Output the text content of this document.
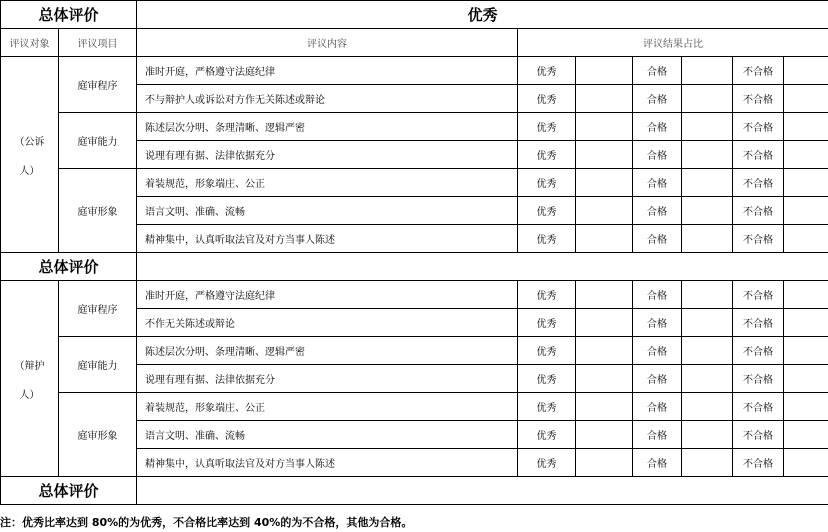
总体评价		优秀						
评议对象	评议项目	评议内容	评议结果占比					

（公诉
人）	庭审程序	准时开庭，严格遵守法庭纪律	优秀		合格		不合格	
		不与辩护人或诉讼对方作无关陈述或辩论	优秀		合格		不合格	
	庭审能力	陈述层次分明、条理清晰、逻辑严密	优秀		合格		不合格	
		说理有理有据、法律依据充分	优秀		合格		不合格	
	庭审形象	着装规范，形象端庄、公正	优秀		合格		不合格	
		语言文明、准确、流畅	优秀		合格		不合格	
		精神集中，认真听取法官及对方当事人陈述	优秀		合格		不合格	
总体评价								

（辩护
人）	庭审程序	准时开庭，严格遵守法庭纪律	优秀		合格		不合格	
		不作无关陈述或辩论	优秀		合格		不合格	
	庭审能力	陈述层次分明、条理清晰、逻辑严密	优秀		合格		不合格	
		说理有理有据、法律依据充分	优秀		合格		不合格	
	庭审形象	着装规范，形象端庄、公正	优秀		合格		不合格	
		语言文明、准确、流畅	优秀		合格		不合格	
		精神集中，认真听取法官及对方当事人陈述	优秀		合格		不合格	
总体评价								
注：优秀比率达到 80%的为优秀，不合格比率达到 40%的为不合格，其他为合格。
